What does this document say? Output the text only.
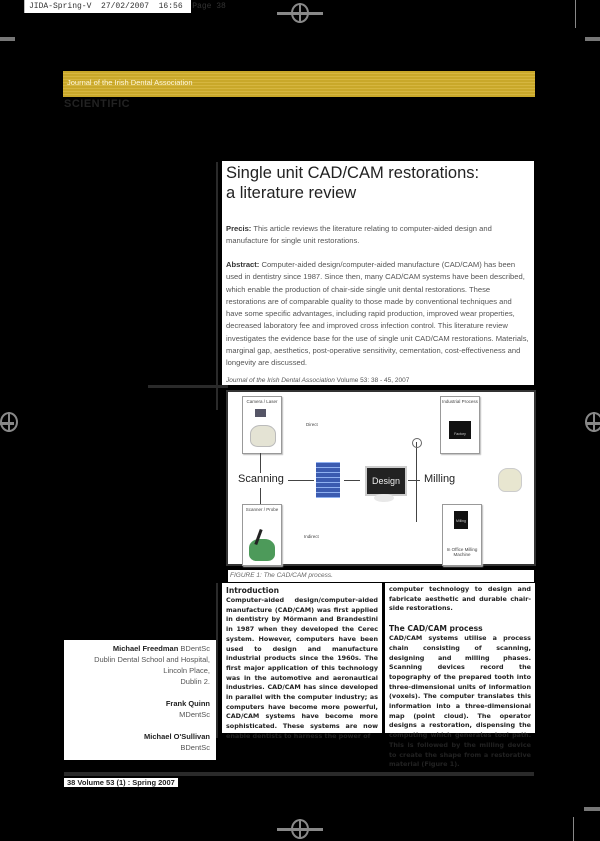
JIDA-Spring-V  27/02/2007  16:56  Page 38
Journal of the Irish Dental Association
SCIENTIFIC
Single unit CAD/CAM restorations:
a literature review
Precis: This article reviews the literature relating to computer-aided design and manufacture for single unit restorations.
Abstract: Computer-aided design/computer-aided manufacture (CAD/CAM) has been used in dentistry since 1987. Since then, many CAD/CAM systems have been described, which enable the production of chair-side single unit dental restorations. These restorations are of comparable quality to those made by conventional techniques and have some specific advantages, including rapid production, improved wear properties, decreased laboratory fee and improved cross infection control. This literature review investigates the evidence base for the use of single unit CAD/CAM restorations. Materials, marginal gap, aesthetics, post-operative sensitivity, cementation, cost-effectiveness and longevity are discussed.
Journal of the Irish Dental Association Volume 53: 38 - 45, 2007
Camera / Laser
Direct
Scanner / Probe
Indirect
Scanning	Design	Milling
Industrial Process
Factory
Milling
In Office Milling Machine
FIGURE 1: The CAD/CAM process.
Introduction
Computer-aided design/computer-aided manufacture (CAD/CAM) was first applied in dentistry by Mörmann and Brandestini in 1987 when they developed the Cerec system. However, computers have been used to design and manufacture industrial products since the 1960s. The first major application of this technology was in the automotive and aeronautical industries. CAD/CAM has since developed in parallel with the computer industry; as computers have become more powerful, CAD/CAM systems have become more sophisticated. These systems are now enable dentists to harness the power of
computer technology to design and fabricate aesthetic and durable chair-side restorations.
The CAD/CAM process
CAD/CAM systems utilise a process chain consisting of scanning, designing and milling phases. Scanning devices record the topography of the prepared tooth into three-dimensional units of information (voxels). The computer translates this information into a three-dimensional map (point cloud). The operator designs a restoration, dispensing the computing which generates tool path. This is followed by the milling device to create the shape from a restorative material (Figure 1).
Michael Freedman BDentSc
Dublin Dental School and Hospital,
Lincoln Place,
Dublin 2.
Frank Quinn
MDentSc
Michael O'Sullivan
BDentSc
38 Volume 53 (1) : Spring 2007
